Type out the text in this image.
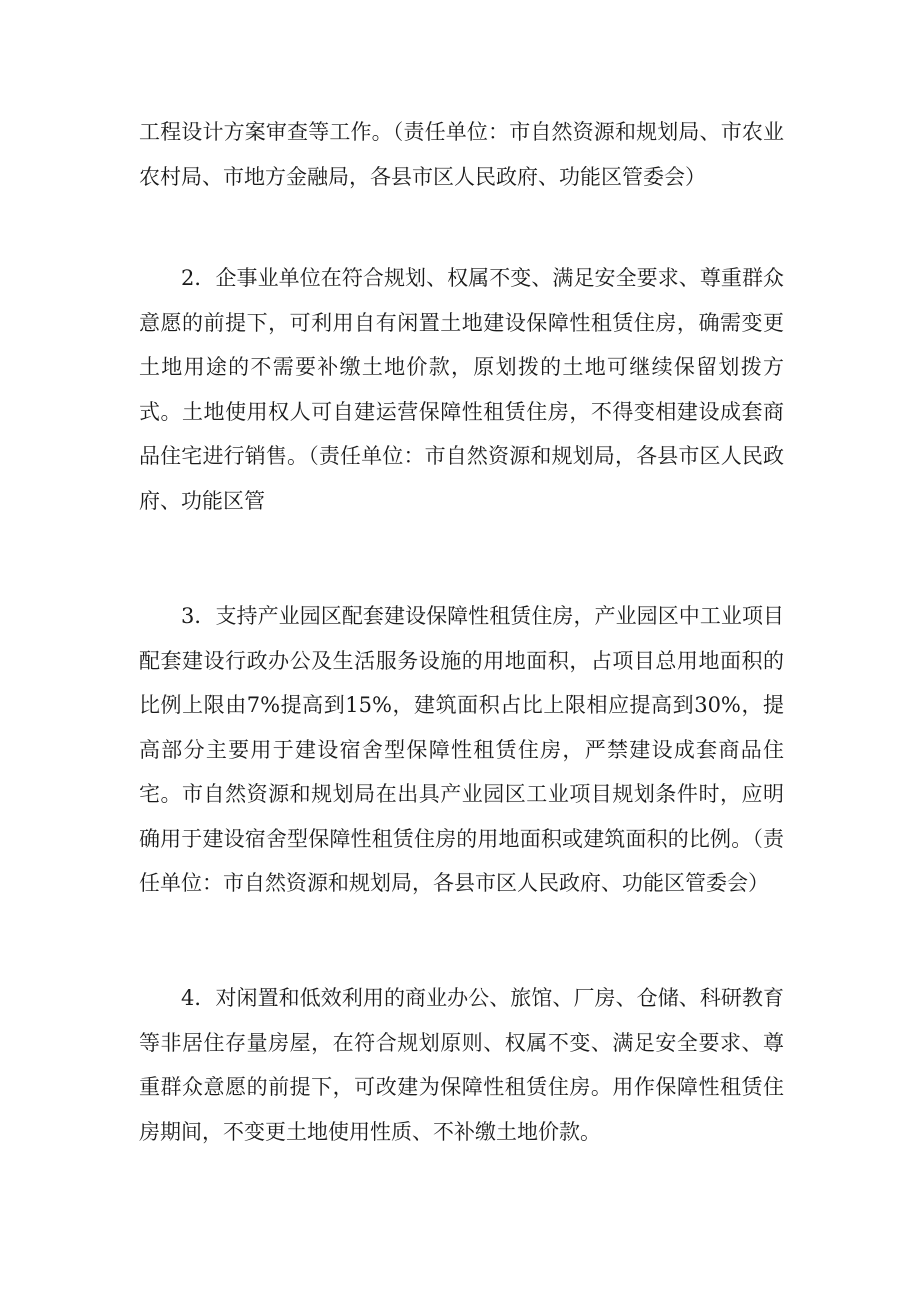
工程设计方案审查等工作。（责任单位：市自然资源和规划局、市农业农村局、市地方金融局，各县市区人民政府、功能区管委会）

2．企事业单位在符合规划、权属不变、满足安全要求、尊重群众意愿的前提下，可利用自有闲置土地建设保障性租赁住房，确需变更土地用途的不需要补缴土地价款，原划拨的土地可继续保留划拨方式。土地使用权人可自建运营保障性租赁住房，不得变相建设成套商品住宅进行销售。（责任单位：市自然资源和规划局，各县市区人民政府、功能区管

3．支持产业园区配套建设保障性租赁住房，产业园区中工业项目配套建设行政办公及生活服务设施的用地面积，占项目总用地面积的比例上限由7%提高到15%，建筑面积占比上限相应提高到30%，提高部分主要用于建设宿舍型保障性租赁住房，严禁建设成套商品住宅。市自然资源和规划局在出具产业园区工业项目规划条件时，应明确用于建设宿舍型保障性租赁住房的用地面积或建筑面积的比例。（责任单位：市自然资源和规划局，各县市区人民政府、功能区管委会）

4．对闲置和低效利用的商业办公、旅馆、厂房、仓储、科研教育等非居住存量房屋，在符合规划原则、权属不变、满足安全要求、尊重群众意愿的前提下，可改建为保障性租赁住房。用作保障性租赁住房期间，不变更土地使用性质、不补缴土地价款。
